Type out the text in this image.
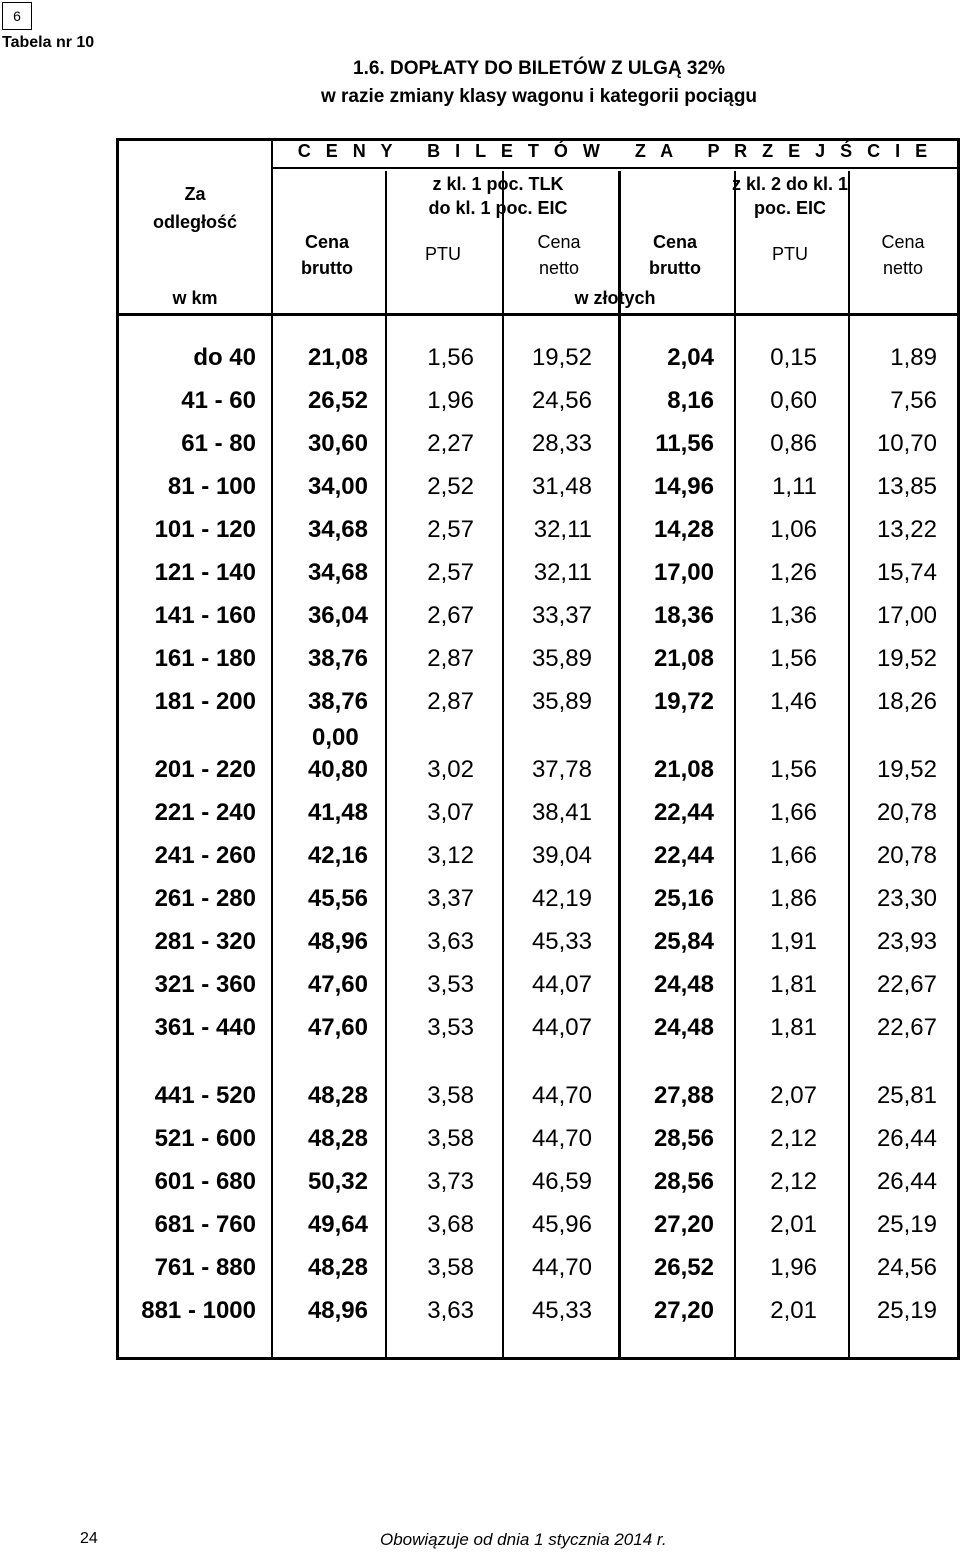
6
Tabela nr 10
1.6. DOPŁATY DO BILETÓW Z ULGĄ 32%
w razie zmiany klasy wagonu i kategorii pociągu
Za
odległość
w km
C E N Y   B I L E T Ó W   Z A   P R Z E J Ś C I E
z kl. 1 poc. TLK
do kl. 1 poc. EIC
z kl. 2 do kl. 1
poc. EIC
Cena
brutto
PTU
Cena
netto
Cena
brutto
PTU
Cena
netto
w złotych
do 40 21,08 1,56 19,52	2,04 0,15	1,89
41 - 60 26,52 1,96 24,56	8,16 0,60	7,56
61 - 80 30,60 2,27 28,33	11,56 0,86 10,70
81 - 100 34,00 2,52 31,48	14,96 1,11 13,85
101 - 120 34,68 2,57 32,11	14,28 1,06 13,22
121 - 140 34,68 2,57 32,11	17,00 1,26 15,74
141 - 160 36,04 2,67 33,37	18,36 1,36 17,00
161 - 180 38,76 2,87 35,89	21,08 1,56 19,52
181 - 200 38,76 2,87 35,89	19,72 1,46 18,26
201 - 220 40,80 3,02 37,78	21,08 1,56 19,52
221 - 240 41,48 3,07 38,41	22,44 1,66 20,78
241 - 260 42,16 3,12 39,04	22,44 1,66 20,78
261 - 280 45,56 3,37 42,19	25,16 1,86 23,30
281 - 320 48,96 3,63 45,33	25,84 1,91 23,93
321 - 360 47,60 3,53 44,07	24,48 1,81 22,67
361 - 440 47,60 3,53 44,07	24,48 1,81 22,67
441 - 520 48,28 3,58 44,70	27,88 2,07 25,81
521 - 600 48,28 3,58 44,70	28,56 2,12 26,44
601 - 680 50,32 3,73 46,59	28,56 2,12 26,44
681 - 760 49,64 3,68 45,96	27,20 2,01 25,19
761 - 880 48,28 3,58 44,70	26,52 1,96 24,56
881 - 1000 48,96 3,63 45,33	27,20 2,01 25,19
0,00
24	Obowiązuje od dnia 1 stycznia 2014 r.
